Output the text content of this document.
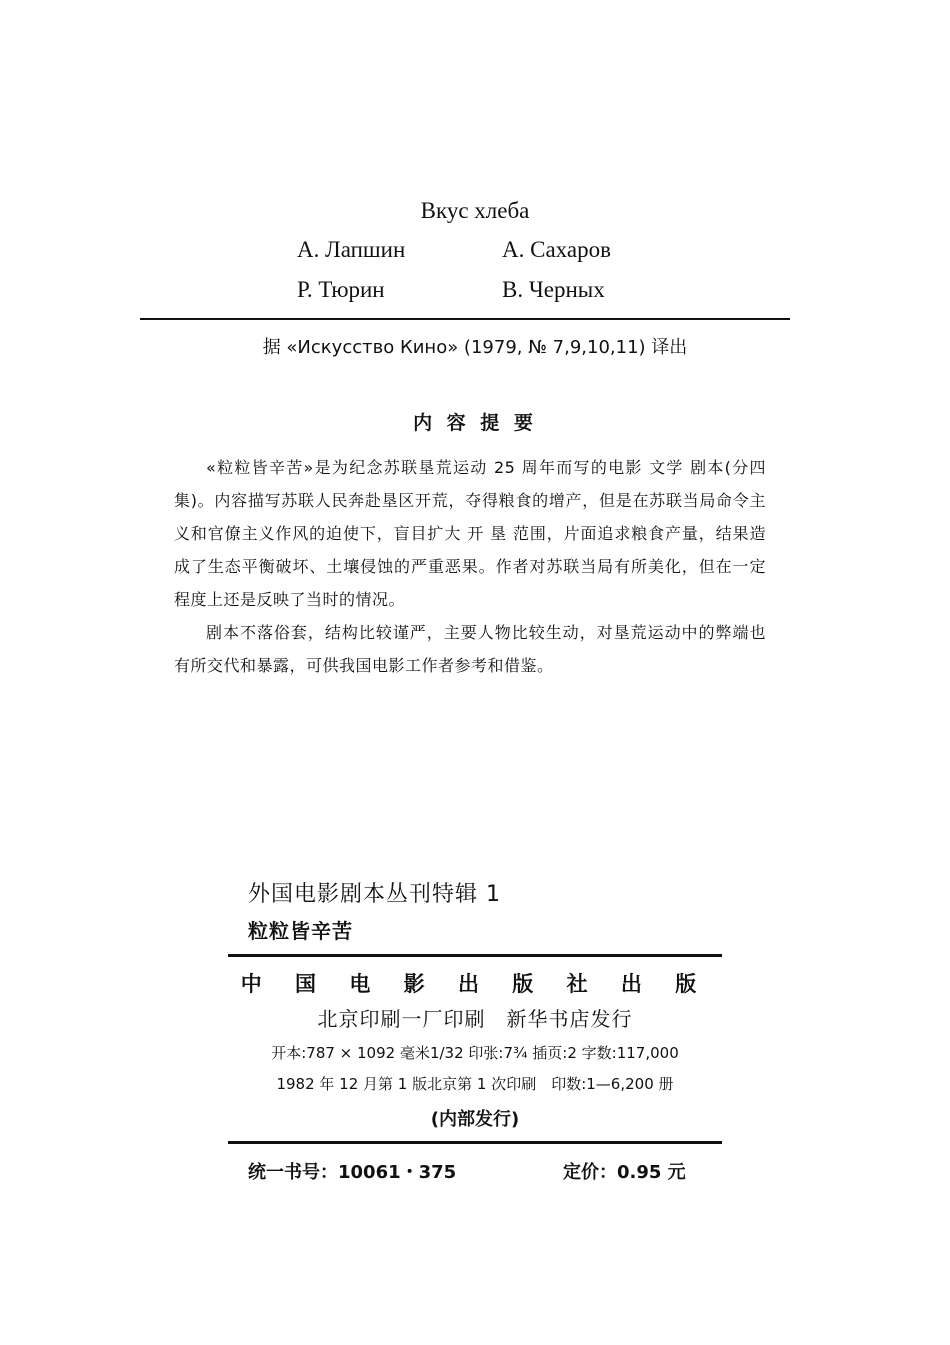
Вкус хлеба
А. Лапшин	А. Сахаров
Р. Тюрин	В. Черных
据 «Искусство Кино» (1979, № 7,9,10,11) 译出
内 容 提 要

«粒粒皆辛苦»是为纪念苏联垦荒运动 25 周年而写的电影 文学 剧本(分四集)。内容描写苏联人民奔赴垦区开荒，夺得粮食的增产，但是在苏联当局命令主义和官僚主义作风的迫使下，盲目扩大 开 垦 范围，片面追求粮食产量，结果造成了生态平衡破坏、土壤侵蚀的严重恶果。作者对苏联当局有所美化，但在一定程度上还是反映了当时的情况。

剧本不落俗套，结构比较谨严，主要人物比较生动，对垦荒运动中的弊端也有所交代和暴露，可供我国电影工作者参考和借鉴。

外国电影剧本丛刊特辑 1
粒粒皆辛苦
中 国 电 影 出 版 社 出 版
北京印刷一厂印刷　新华书店发行
开本:787 × 1092 毫米1/32 印张:7¾ 插页:2 字数:117,000
1982 年 12 月第 1 版北京第 1 次印刷　印数:1—6,200 册
(内部发行)
统一书号：10061・375	定价：0.95 元
